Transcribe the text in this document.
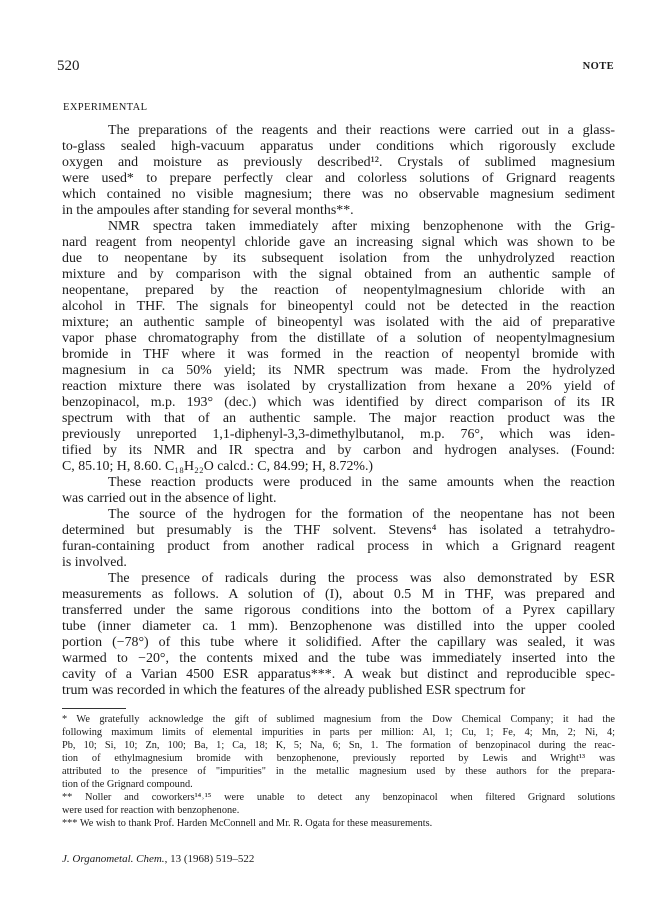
520	NOTE
EXPERIMENTAL
The preparations of the reagents and their reactions were carried out in a glass-
to-glass sealed high-vacuum apparatus under conditions which rigorously exclude
oxygen and moisture as previously described¹². Crystals of sublimed magnesium
were used* to prepare perfectly clear and colorless solutions of Grignard reagents
which contained no visible magnesium; there was no observable magnesium sediment
in the ampoules after standing for several months**.
NMR spectra taken immediately after mixing benzophenone with the Grig-
nard reagent from neopentyl chloride gave an increasing signal which was shown to be
due to neopentane by its subsequent isolation from the unhydrolyzed reaction
mixture and by comparison with the signal obtained from an authentic sample of
neopentane, prepared by the reaction of neopentylmagnesium chloride with an
alcohol in THF. The signals for bineopentyl could not be detected in the reaction
mixture; an authentic sample of bineopentyl was isolated with the aid of preparative
vapor phase chromatography from the distillate of a solution of neopentylmagnesium
bromide in THF where it was formed in the reaction of neopentyl bromide with
magnesium in ca 50% yield; its NMR spectrum was made. From the hydrolyzed
reaction mixture there was isolated by crystallization from hexane a 20% yield of
benzopinacol, m.p. 193° (dec.) which was identified by direct comparison of its IR
spectrum with that of an authentic sample. The major reaction product was the
previously unreported 1,1-diphenyl-3,3-dimethylbutanol, m.p. 76°, which was iden-
tified by its NMR and IR spectra and by carbon and hydrogen analyses. (Found:
C, 85.10; H, 8.60. C₁₈H₂₂O calcd.: C, 84.99; H, 8.72%.)
These reaction products were produced in the same amounts when the reaction
was carried out in the absence of light.
The source of the hydrogen for the formation of the neopentane has not been
determined but presumably is the THF solvent. Stevens⁴ has isolated a tetrahydro-
furan-containing product from another radical process in which a Grignard reagent
is involved.
The presence of radicals during the process was also demonstrated by ESR
measurements as follows. A solution of (I), about 0.5 M in THF, was prepared and
transferred under the same rigorous conditions into the bottom of a Pyrex capillary
tube (inner diameter ca. 1 mm). Benzophenone was distilled into the upper cooled
portion (−78°) of this tube where it solidified. After the capillary was sealed, it was
warmed to −20°, the contents mixed and the tube was immediately inserted into the
cavity of a Varian 4500 ESR apparatus***. A weak but distinct and reproducible spec-
trum was recorded in which the features of the already published ESR spectrum for
* We gratefully acknowledge the gift of sublimed magnesium from the Dow Chemical Company; it had the
following maximum limits of elemental impurities in parts per million: Al, 1; Cu, 1; Fe, 4; Mn, 2; Ni, 4;
Pb, 10; Si, 10; Zn, 100; Ba, 1; Ca, 18; K, 5; Na, 6; Sn, 1. The formation of benzopinacol during the reac-
tion of ethylmagnesium bromide with benzophenone, previously reported by Lewis and Wright¹³ was
attributed to the presence of "impurities" in the metallic magnesium used by these authors for the prepara-
tion of the Grignard compound.
** Noller and coworkers¹⁴˒¹⁵ were unable to detect any benzopinacol when filtered Grignard solutions
were used for reaction with benzophenone.
*** We wish to thank Prof. Harden McConnell and Mr. R. Ogata for these measurements.
J. Organometal. Chem., 13 (1968) 519–522
